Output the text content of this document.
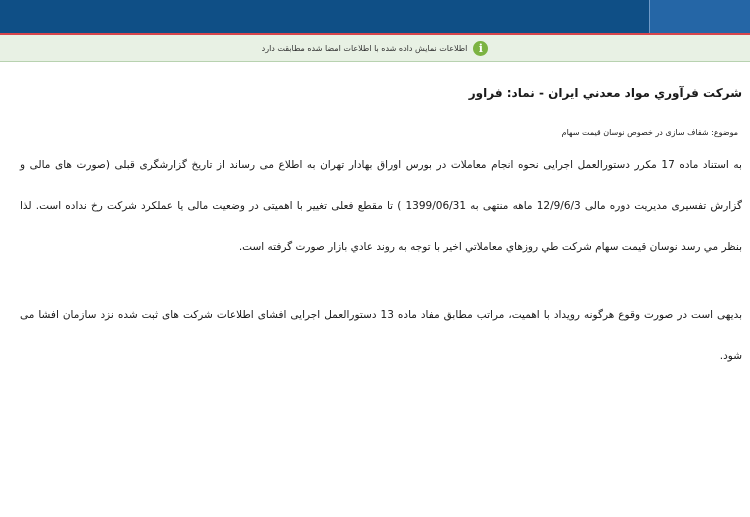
i
اطلاعات نمایش داده شده با اطلاعات امضا شده مطابقت دارد
شرکت فرآوري مواد معدني ايران - نماد: فراور
موضوع: شفاف سازی در خصوص نوسان قیمت سهام

به استناد ماده 17 مکرر دستورالعمل اجرایی نحوه انجام معاملات در بورس اوراق بهادار تهران به اطلاع می رساند از تاریخ گزارشگری قبلی (صورت های مالی و گزارش تفسیری مدیریت دوره مالی 12/9/6/3 ماهه منتهی به 1399/06/31 ) تا مقطع فعلی تغییر با اهمیتی در وضعیت مالی یا عملکرد شرکت رخ نداده است. لذا بنظر مي رسد نوسان قيمت سهام شركت طي روزهاي معاملاتي اخير با توجه به روند عادي بازار صورت گرفته است.

بدیهی است در صورت وقوع هرگونه رویداد با اهمیت، مراتب مطابق مفاد ماده 13 دستورالعمل اجرایی افشای اطلاعات شرکت های ثبت شده نزد سازمان افشا می شود.
